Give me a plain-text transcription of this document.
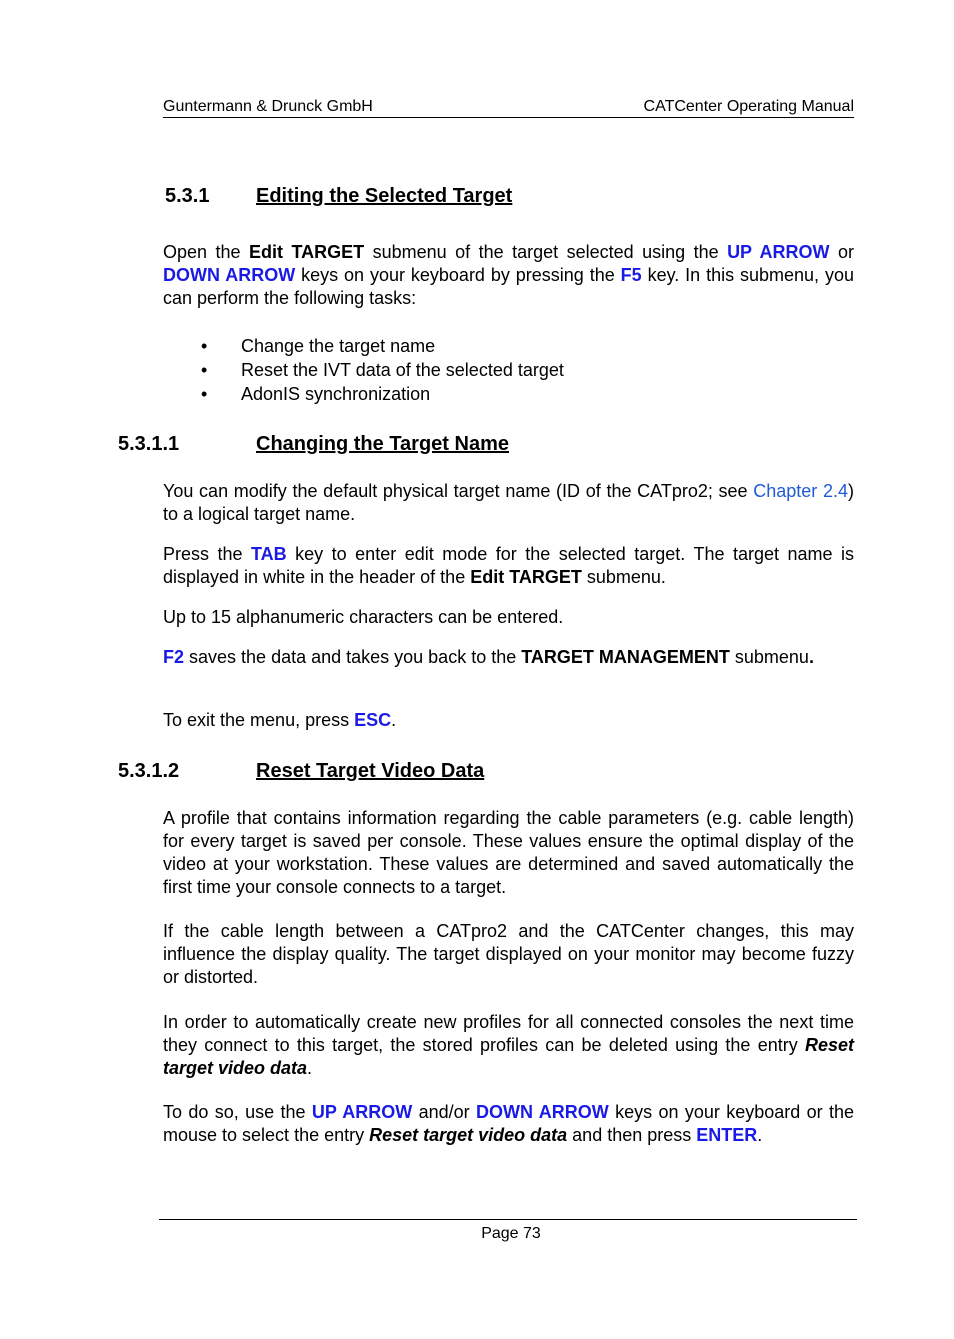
Guntermann & Drunck GmbH	CATCenter Operating Manual
5.3.1 Editing the Selected Target
Open the Edit TARGET submenu of the target selected using the UP ARROW or DOWN ARROW keys on your keyboard by pressing the F5 key. In this submenu, you can perform the following tasks:
• Change the target name
• Reset the IVT data of the selected target
• AdonIS synchronization
5.3.1.1	Changing the Target Name
You can modify the default physical target name (ID of the CATpro2; see Chapter 2.4) to a logical target name.
Press the TAB key to enter edit mode for the selected target. The target name is displayed in white in the header of the Edit TARGET submenu.
Up to 15 alphanumeric characters can be entered.
F2 saves the data and takes you back to the TARGET MANAGEMENT submenu.
To exit the menu, press ESC.
5.3.1.2	Reset Target Video Data
A profile that contains information regarding the cable parameters (e.g. cable length) for every target is saved per console. These values ensure the optimal display of the video at your workstation. These values are determined and saved automatically the first time your console connects to a target.
If the cable length between a CATpro2 and the CATCenter changes, this may influence the display quality. The target displayed on your monitor may become fuzzy or distorted.
In order to automatically create new profiles for all connected consoles the next time they connect to this target, the stored profiles can be deleted using the entry Reset target video data.
To do so, use the UP ARROW and/or DOWN ARROW keys on your keyboard or the mouse to select the entry Reset target video data and then press ENTER.
Page 73
